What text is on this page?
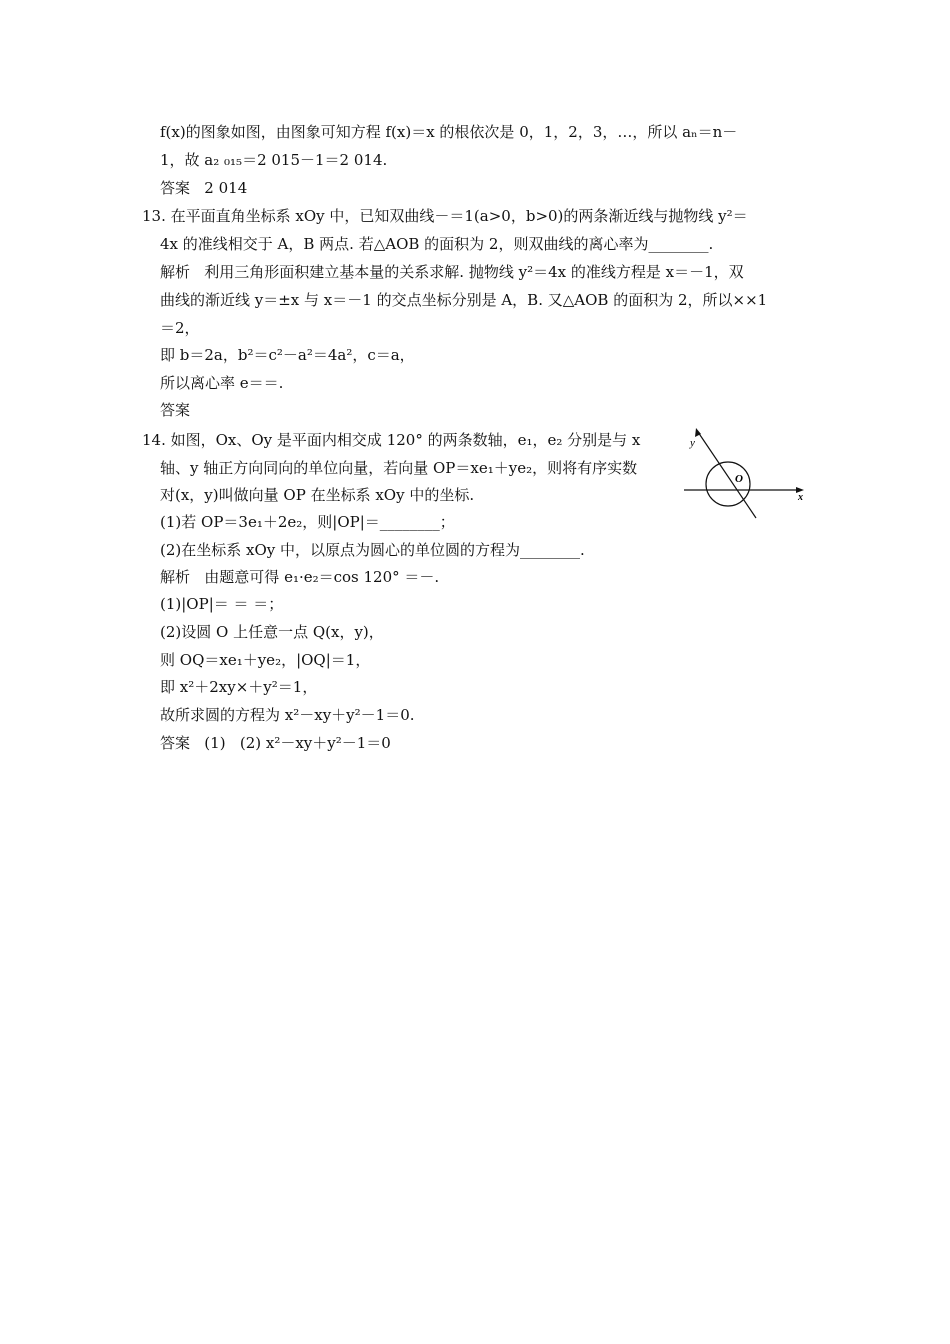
f(x)的图象如图，由图象可知方程 f(x)＝x 的根依次是 0，1，2，3，…，所以 aₙ＝n－
1，故 a₂ ₀₁₅＝2 015－1＝2 014.
答案   2 014
13. 在平面直角坐标系 xOy 中，已知双曲线－＝1(a>0，b>0)的两条渐近线与抛物线 y²＝
4x 的准线相交于 A，B 两点. 若△AOB 的面积为 2，则双曲线的离心率为________.
解析   利用三角形面积建立基本量的关系求解. 抛物线 y²＝4x 的准线方程是 x＝－1，双
曲线的渐近线 y＝±x 与 x＝－1 的交点坐标分别是 A，B. 又△AOB 的面积为 2，所以××1
＝2，
即 b＝2a，b²＝c²－a²＝4a²，c＝a，
所以离心率 e＝＝.
答案
14. 如图，Ox、Oy 是平面内相交成 120° 的两条数轴，e₁，e₂ 分别是与 x
轴、y 轴正方向同向的单位向量，若向量 OP＝xe₁＋ye₂，则将有序实数
对(x，y)叫做向量 OP 在坐标系 xOy 中的坐标.
(1)若 OP＝3e₁＋2e₂，则|OP|＝________；
(2)在坐标系 xOy 中，以原点为圆心的单位圆的方程为________.
解析   由题意可得 e₁·e₂＝cos 120° ＝－.
(1)|OP|＝ ＝ ＝；
(2)设圆 O 上任意一点 Q(x，y)，
则 OQ＝xe₁＋ye₂，|OQ|＝1，
即 x²＋2xy×＋y²＝1，
故所求圆的方程为 x²－xy＋y²－1＝0.
答案   (1)   (2) x²－xy＋y²－1＝0
y
O
x
